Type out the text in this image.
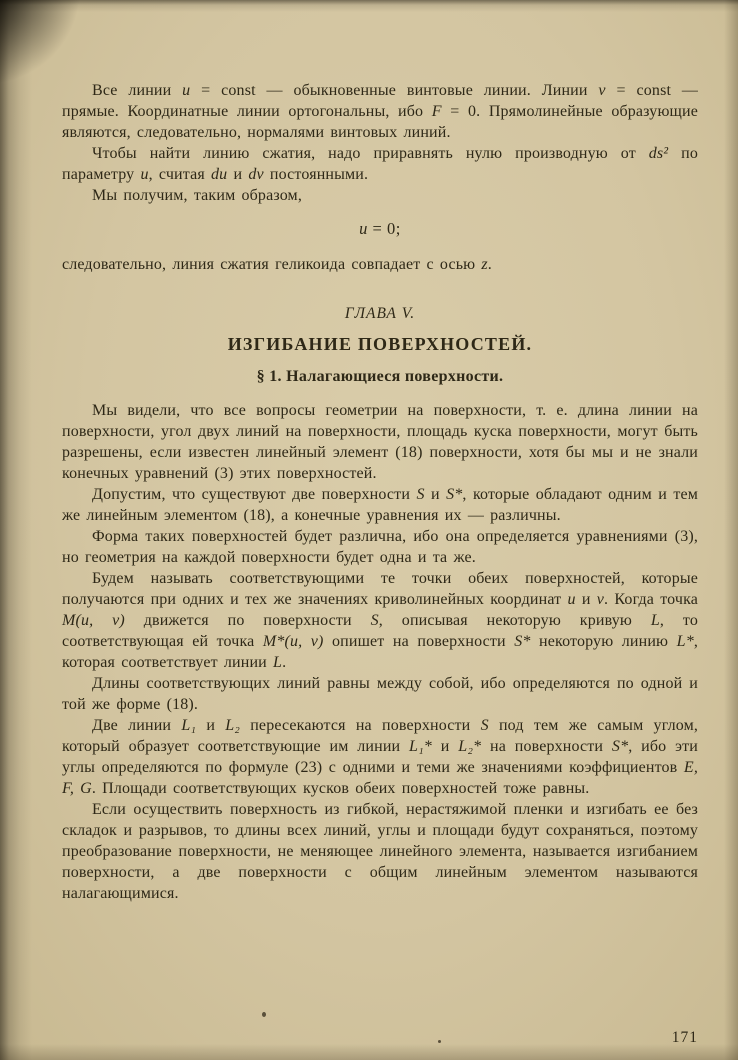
Все линии u = const — обыкновенные винтовые линии. Линии v = const — прямые. Координатные линии ортогональны, ибо F = 0. Прямолинейные образующие являются, следовательно, нормалями винтовых линий.

Чтобы найти линию сжатия, надо приравнять нулю производную от ds² по параметру u, считая du и dv постоянными.

Мы получим, таким образом,

u = 0;

следовательно, линия сжатия геликоида совпадает с осью z.

ГЛАВА V.
ИЗГИБАНИЕ ПОВЕРХНОСТЕЙ.
§ 1. Налагающиеся поверхности.

Мы видели, что все вопросы геометрии на поверхности, т. е. длина линии на поверхности, угол двух линий на поверхности, площадь куска поверхности, могут быть разрешены, если известен линейный элемент (18) поверхности, хотя бы мы и не знали конечных уравнений (3) этих поверхностей.

Допустим, что существуют две поверхности S и S*, которые обладают одним и тем же линейным элементом (18), а конечные уравнения их — различны.

Форма таких поверхностей будет различна, ибо она определяется уравнениями (3), но геометрия на каждой поверхности будет одна и та же.

Будем называть соответствующими те точки обеих поверхностей, которые получаются при одних и тех же значениях криволинейных координат u и v. Когда точка M(u, v) движется по поверхности S, описывая некоторую кривую L, то соответствующая ей точка M*(u, v) опишет на поверхности S* некоторую линию L*, которая соответствует линии L.

Длины соответствующих линий равны между собой, ибо определяются по одной и той же форме (18).

Две линии L₁ и L₂ пересекаются на поверхности S под тем же самым углом, который образует соответствующие им линии L₁* и L₂* на поверхности S*, ибо эти углы определяются по формуле (23) с одними и теми же значениями коэффициентов E, F, G. Площади соответствующих кусков обеих поверхностей тоже равны.

Если осуществить поверхность из гибкой, нерастяжимой пленки и изгибать ее без складок и разрывов, то длины всех линий, углы и площади будут сохраняться, поэтому преобразование поверхности, не меняющее линейного элемента, называется изгибанием поверхности, а две поверхности с общим линейным элементом называются налагающимися.

171
